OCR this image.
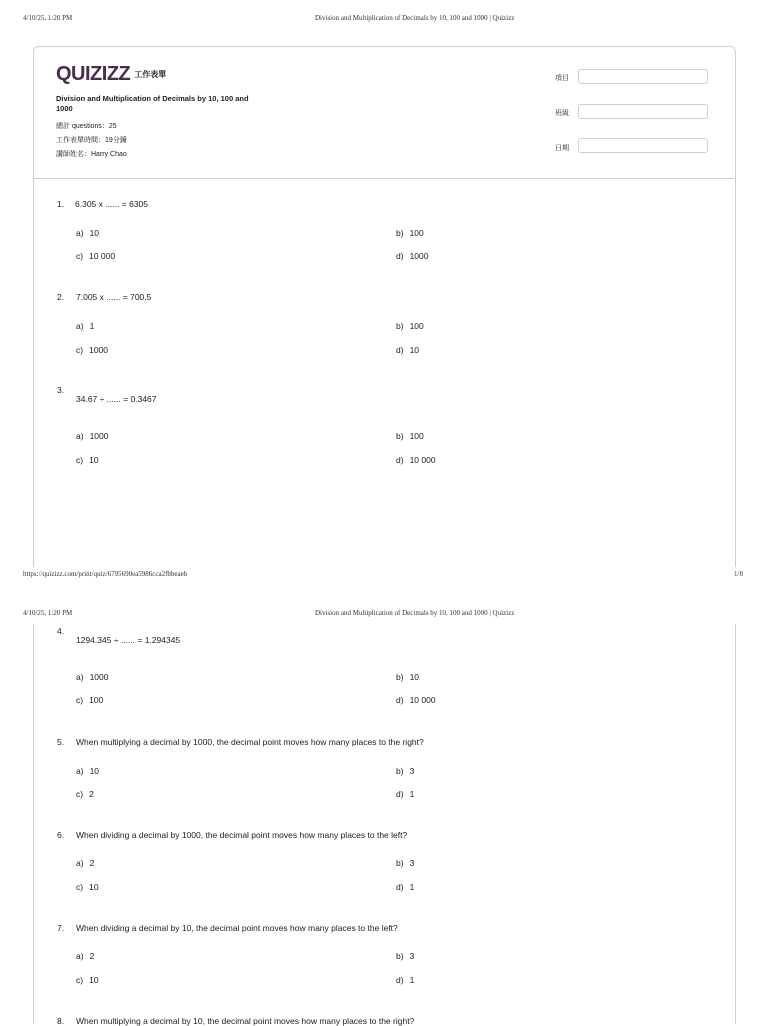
4/10/25, 1:20 PM	Division and Multiplication of Decimals by 10, 100 and 1000 | Quizizz
QUIZIZZ 工作表單
Division and Multiplication of Decimals by 10, 100 and 1000
總計 questions：25
工作表單時間：19分鐘
講師姓名：Harry Chao
項目
班級
日期
1. 6.305 x ...... = 6305
a) 10	b) 100
c) 10 000	d) 1000
2. 7.005 x ...... = 700.5
a) 1	b) 100
c) 1000	d) 10
3.
34.67 ÷ ...... = 0.3467
a) 1000	b) 100
c) 10	d) 10 000
https://quizizz.com/print/quiz/6795690ea5986cca2fbbeaeb	1/8
4/10/25, 1:20 PM	Division and Multiplication of Decimals by 10, 100 and 1000 | Quizizz
4.
1294.345 ÷ ...... = 1.294345
a) 1000	b) 10
c) 100	d) 10 000
5. When multiplying a decimal by 1000, the decimal point moves how many places to the right?
a) 10	b) 3
c) 2	d) 1
6. When dividing a decimal by 1000, the decimal point moves how many places to the left?
a) 2	b) 3
c) 10	d) 1
7. When dividing a decimal by 10, the decimal point moves how many places to the left?
a) 2	b) 3
c) 10	d) 1
8. When multiplying a decimal by 10, the decimal point moves how many places to the right?
